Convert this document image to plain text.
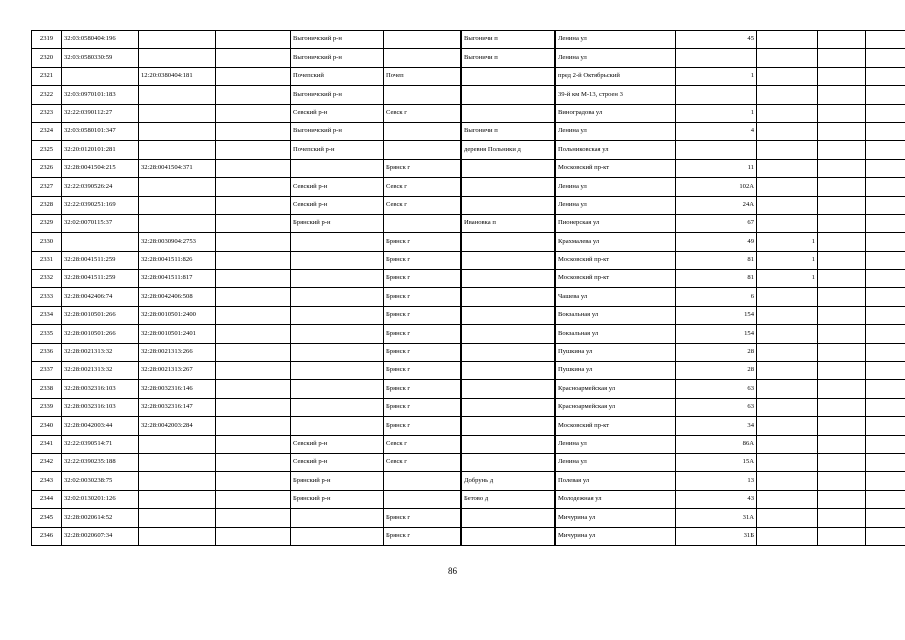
2319	32:03:0580404:196			Выгоничский р-н			Выгоничи п		Ленина ул	45			
2320	32:03:0580330:59			Выгоничский р-н			Выгоничи п		Ленина ул				
2321		12:20:0380404:181		Почепский	Почеп				пред 2-й Октябрьский	1			
2322	32:03:0970101:183			Выгоничский р-н					39-й км М-13, строен 3				
2323	32:22:0390112:27			Севский р-н	Севск г				Виноградова ул	1			
2324	32:03:0580101:347			Выгоничский р-н			Выгоничи п		Ленина ул	4			
2325	32:20:0120101:281			Почепский р-н			деревня Польники д		Польниковская ул				
2326	32:28:0041504:215	32:28:0041504:371			Брянск г				Московский пр-кт	11			
2327	32:22:0390526:24			Севский р-н	Севск г				Ленина ул	102А			
2328	32:22:0390251:169			Севский р-н	Севск г				Ленина ул	24А			
2329	32:02:0070115:37			Брянский р-н			Ивановка п		Пионерская ул	67			
2330		32:28:0030904:2753			Брянск г				Крахмалева ул	49	1		
2331	32:28:0041511:259	32:28:0041511:826			Брянск г				Московский пр-кт	81	1		
2332	32:28:0041511:259	32:28:0041511:817			Брянск г				Московский пр-кт	81	1		
2333	32:28:0042406:74	32:28:0042406:508			Брянск г				Чашева ул	6			
2334	32:28:0010501:266	32:28:0010501:2400			Брянск г				Вокзальная ул	154			
2335	32:28:0010501:266	32:28:0010501:2401			Брянск г				Вокзальная ул	154			
2336	32:28:0021313:32	32:28:0021313:266			Брянск г				Пушкина ул	28			
2337	32:28:0021313:32	32:28:0021313:267			Брянск г				Пушкина ул	28			
2338	32:28:0032316:103	32:28:0032316:146			Брянск г				Красноармейская ул	63			
2339	32:28:0032316:103	32:28:0032316:147			Брянск г				Красноармейская ул	63			
2340	32:28:0042003:44	32:28:0042003:284			Брянск г				Московский пр-кт	34			
2341	32:22:0390514:71			Севский р-н	Севск г				Ленина ул	86А			
2342	32:22:0390235:188			Севский р-н	Севск г				Ленина ул	15А			
2343	32:02:0030238:75			Брянский р-н			Добрунь д		Полевая ул	13			
2344	32:02:0130201:126			Брянский р-н			Бетово д		Молодежная ул	43			
2345	32:28:0020614:52				Брянск г				Мичурина ул	31А			
2346	32:28:0020607:34				Брянск г				Мичурина ул	31Б			
86
